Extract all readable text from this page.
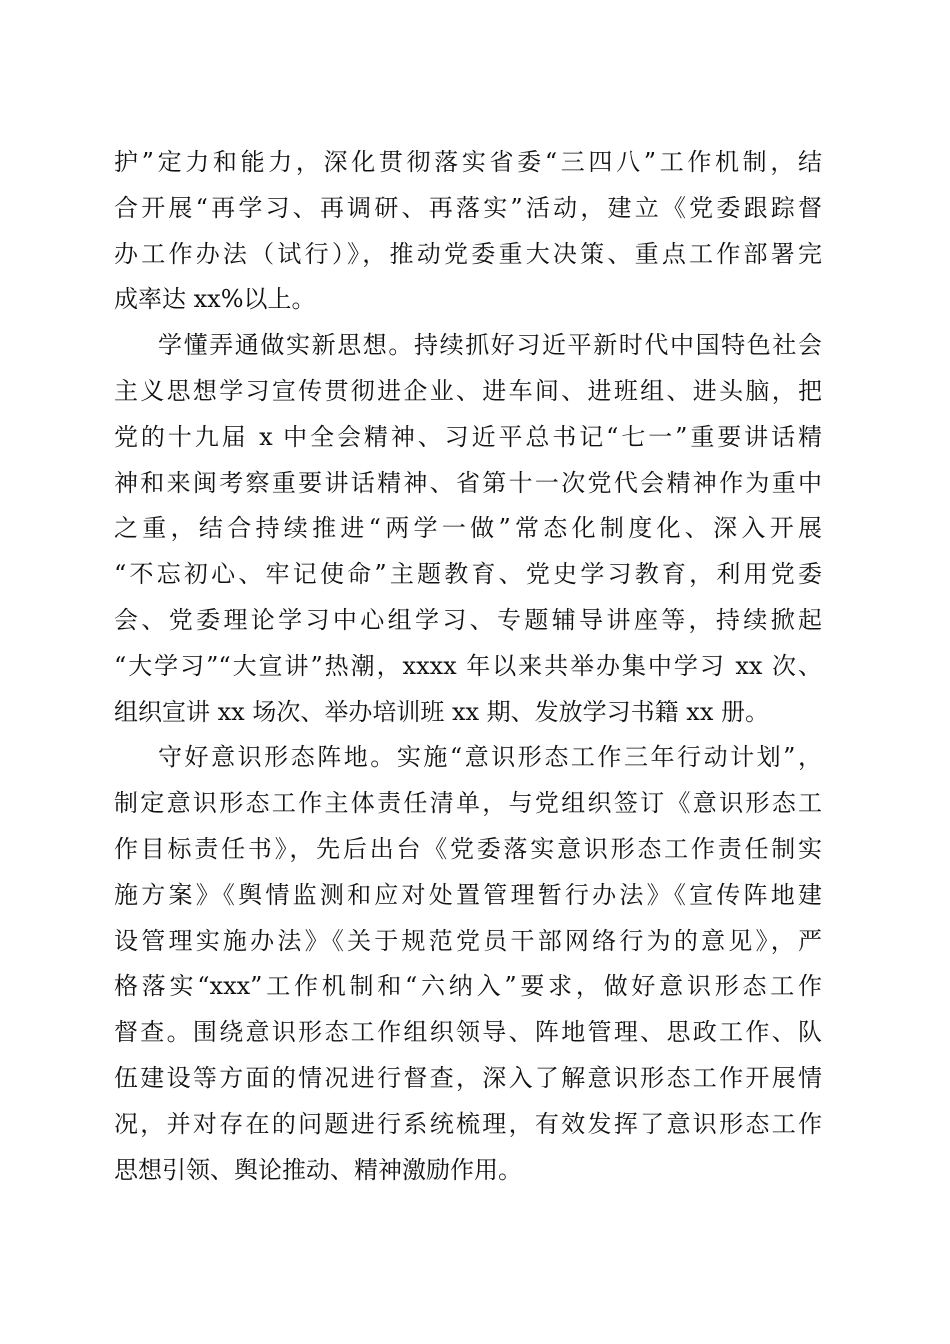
护”定力和能力，深化贯彻落实省委“三四八”工作机制，结
合开展“再学习、再调研、再落实”活动，建立《党委跟踪督
办工作办法（试行）》，推动党委重大决策、重点工作部署完
成率达 xx%以上。
学懂弄通做实新思想。持续抓好习近平新时代中国特色社会
主义思想学习宣传贯彻进企业、进车间、进班组、进头脑，把
党的十九届 x 中全会精神、习近平总书记“七一”重要讲话精
神和来闽考察重要讲话精神、省第十一次党代会精神作为重中
之重，结合持续推进“两学一做”常态化制度化、深入开展
“不忘初心、牢记使命”主题教育、党史学习教育，利用党委
会、党委理论学习中心组学习、专题辅导讲座等，持续掀起
“大学习”“大宣讲”热潮，xxxx 年以来共举办集中学习 xx 次、
组织宣讲 xx 场次、举办培训班 xx 期、发放学习书籍 xx 册。
守好意识形态阵地。实施“意识形态工作三年行动计划”，
制定意识形态工作主体责任清单，与党组织签订《意识形态工
作目标责任书》，先后出台《党委落实意识形态工作责任制实
施方案》《舆情监测和应对处置管理暂行办法》《宣传阵地建
设管理实施办法》《关于规范党员干部网络行为的意见》，严
格落实“xxx”工作机制和“六纳入”要求，做好意识形态工作
督查。围绕意识形态工作组织领导、阵地管理、思政工作、队
伍建设等方面的情况进行督查，深入了解意识形态工作开展情
况，并对存在的问题进行系统梳理，有效发挥了意识形态工作
思想引领、舆论推动、精神激励作用。
